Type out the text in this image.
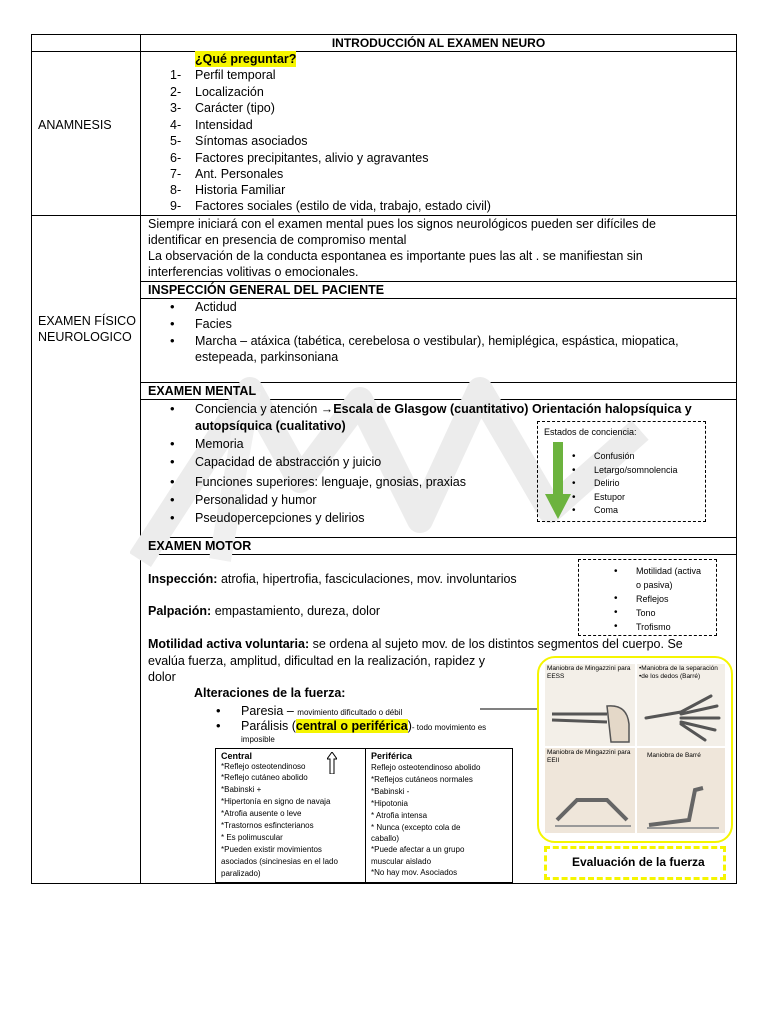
INTRODUCCIÓN AL EXAMEN NEURO
ANAMNESIS
¿Qué preguntar?
1- Perfil temporal
2- Localización
3- Carácter (tipo)
4- Intensidad
5- Síntomas asociados
6- Factores precipitantes, alivio y agravantes
7- Ant. Personales
8- Historia Familiar
9- Factores sociales (estilo de vida, trabajo, estado civil)
EXAMEN FÍSICO
NEUROLOGICO
Siempre iniciará con el examen mental pues los signos neurológicos pueden ser difíciles de
identificar en presencia de compromiso mental
La observación de la conducta espontanea es importante pues las alt . se manifiestan sin
interferencias volitivas o emocionales.
INSPECCIÓN GENERAL DEL PACIENTE
• Actidud
• Facies
• Marcha – atáxica (tabética, cerebelosa o vestibular), hemiplégica, espástica, miopatica,
estepeada, parkinsoniana
EXAMEN MENTAL
• Conciencia y atención →Escala de Glasgow (cuantitativo) Orientación halopsíquica y
autopsíquica (cualitativo)
• Memoria
• Capacidad de abstracción y juicio
• Funciones superiores: lenguaje, gnosias, praxias
• Personalidad y humor
• Pseudopercepciones y delirios
Estados de conciencia:
• Confusión
• Letargo/somnolencia
• Delirio
• Estupor
• Coma
EXAMEN MOTOR
Inspección: atrofia, hipertrofia, fasciculaciones, mov. involuntarios
Palpación: empastamiento, dureza, dolor
Motilidad activa voluntaria: se ordena al sujeto mov. de los distintos segmentos del cuerpo. Se
evalúa fuerza, amplitud, dificultad en la realización, rapidez y
dolor
• Motilidad (activa
o pasiva)
• Reflejos
• Tono
• Trofismo
Alteraciones de la fuerza:
• Paresia – movimiento dificultado o débil
• Parálisis (central o periférica)- todo movimiento es
imposible
Central
*Reflejo osteotendinoso
*Reflejo cutáneo abolido
*Babinski +
*Hipertonía en signo de navaja
*Atrofia ausente o leve
*Trastornos esfincterianos
* Es polimuscular
*Pueden existir movimientos
asociados (sincinesias en el lado
paralizado)
Periférica
Reflejo osteotendinoso abolido
*Reflejos cutáneos normales
*Babinski -
*Hipotonia
* Atrofia intensa
* Nunca (excepto cola de
caballo)
*Puede afectar a un grupo
muscular aislado
*No hay mov. Asociados
Maniobra de Mingazzini para EESS
•Maniobra de la separación •de los dedos (Barré)
Maniobra de Mingazzini para EEII
Maniobra de Barré
Evaluación de la fuerza
